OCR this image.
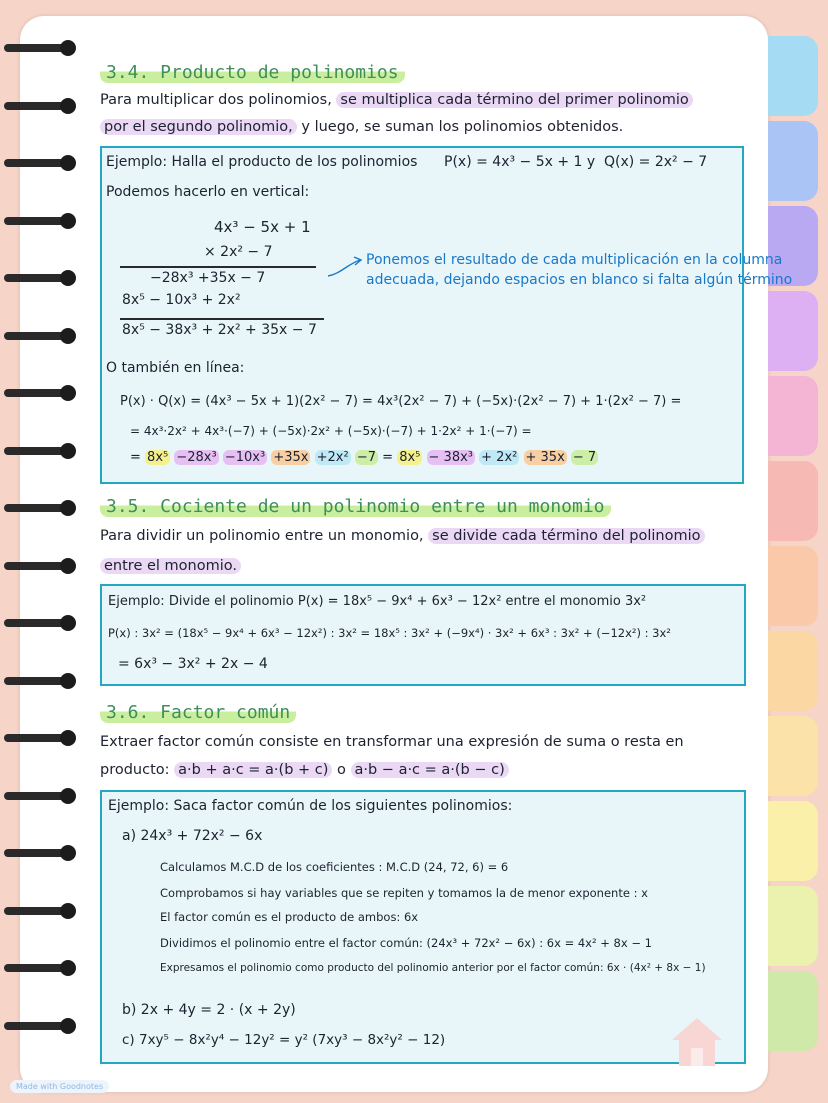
3.4. Producto de polinomios
Para multiplicar dos polinomios, se multiplica cada término del primer polinomio
por el segundo polinomio, y luego, se suman los polinomios obtenidos.
Ejemplo: Halla el producto de los polinomios P(x) = 4x³ − 5x + 1 y Q(x) = 2x² − 7
Podemos hacerlo en vertical:
4x³ − 5x + 1
× 2x² − 7
−28x³ +35x − 7
8x⁵ − 10x³ + 2x²
8x⁵ − 38x³ + 2x² + 35x − 7
Ponemos el resultado de cada multiplicación en la columna
adecuada, dejando espacios en blanco si falta algún término
O también en línea:
P(x) · Q(x) = (4x³ − 5x + 1)(2x² − 7) = 4x³(2x² − 7) + (−5x)·(2x² − 7) + 1·(2x² − 7) =
= 4x³·2x² + 4x³·(−7) + (−5x)·2x² + (−5x)·(−7) + 1·2x² + 1·(−7) =
= 8x⁵ −28x³ −10x³ +35x +2x² −7 = 8x⁵ − 38x³ + 2x² + 35x − 7
3.5. Cociente de un polinomio entre un monomio
Para dividir un polinomio entre un monomio, se divide cada término del polinomio
entre el monomio.
Ejemplo: Divide el polinomio P(x) = 18x⁵ − 9x⁴ + 6x³ − 12x² entre el monomio 3x²
P(x) : 3x² = (18x⁵ − 9x⁴ + 6x³ − 12x²) : 3x² = 18x⁵ : 3x² + (−9x⁴) · 3x² + 6x³ : 3x² + (−12x²) : 3x²
= 6x³ − 3x² + 2x − 4
3.6. Factor común
Extraer factor común consiste en transformar una expresión de suma o resta en
producto: a·b + a·c = a·(b + c) o a·b − a·c = a·(b − c)
Ejemplo: Saca factor común de los siguientes polinomios:
a) 24x³ + 72x² − 6x
Calculamos M.C.D de los coeficientes : M.C.D (24, 72, 6) = 6
Comprobamos si hay variables que se repiten y tomamos la de menor exponente : x
El factor común es el producto de ambos: 6x
Dividimos el polinomio entre el factor común: (24x³ + 72x² − 6x) : 6x = 4x² + 8x − 1
Expresamos el polinomio como producto del polinomio anterior por el factor común: 6x · (4x² + 8x − 1)
b) 2x + 4y = 2 · (x + 2y)
c) 7xy⁵ − 8x²y⁴ − 12y² = y² (7xy³ − 8x²y² − 12)
Made with Goodnotes
